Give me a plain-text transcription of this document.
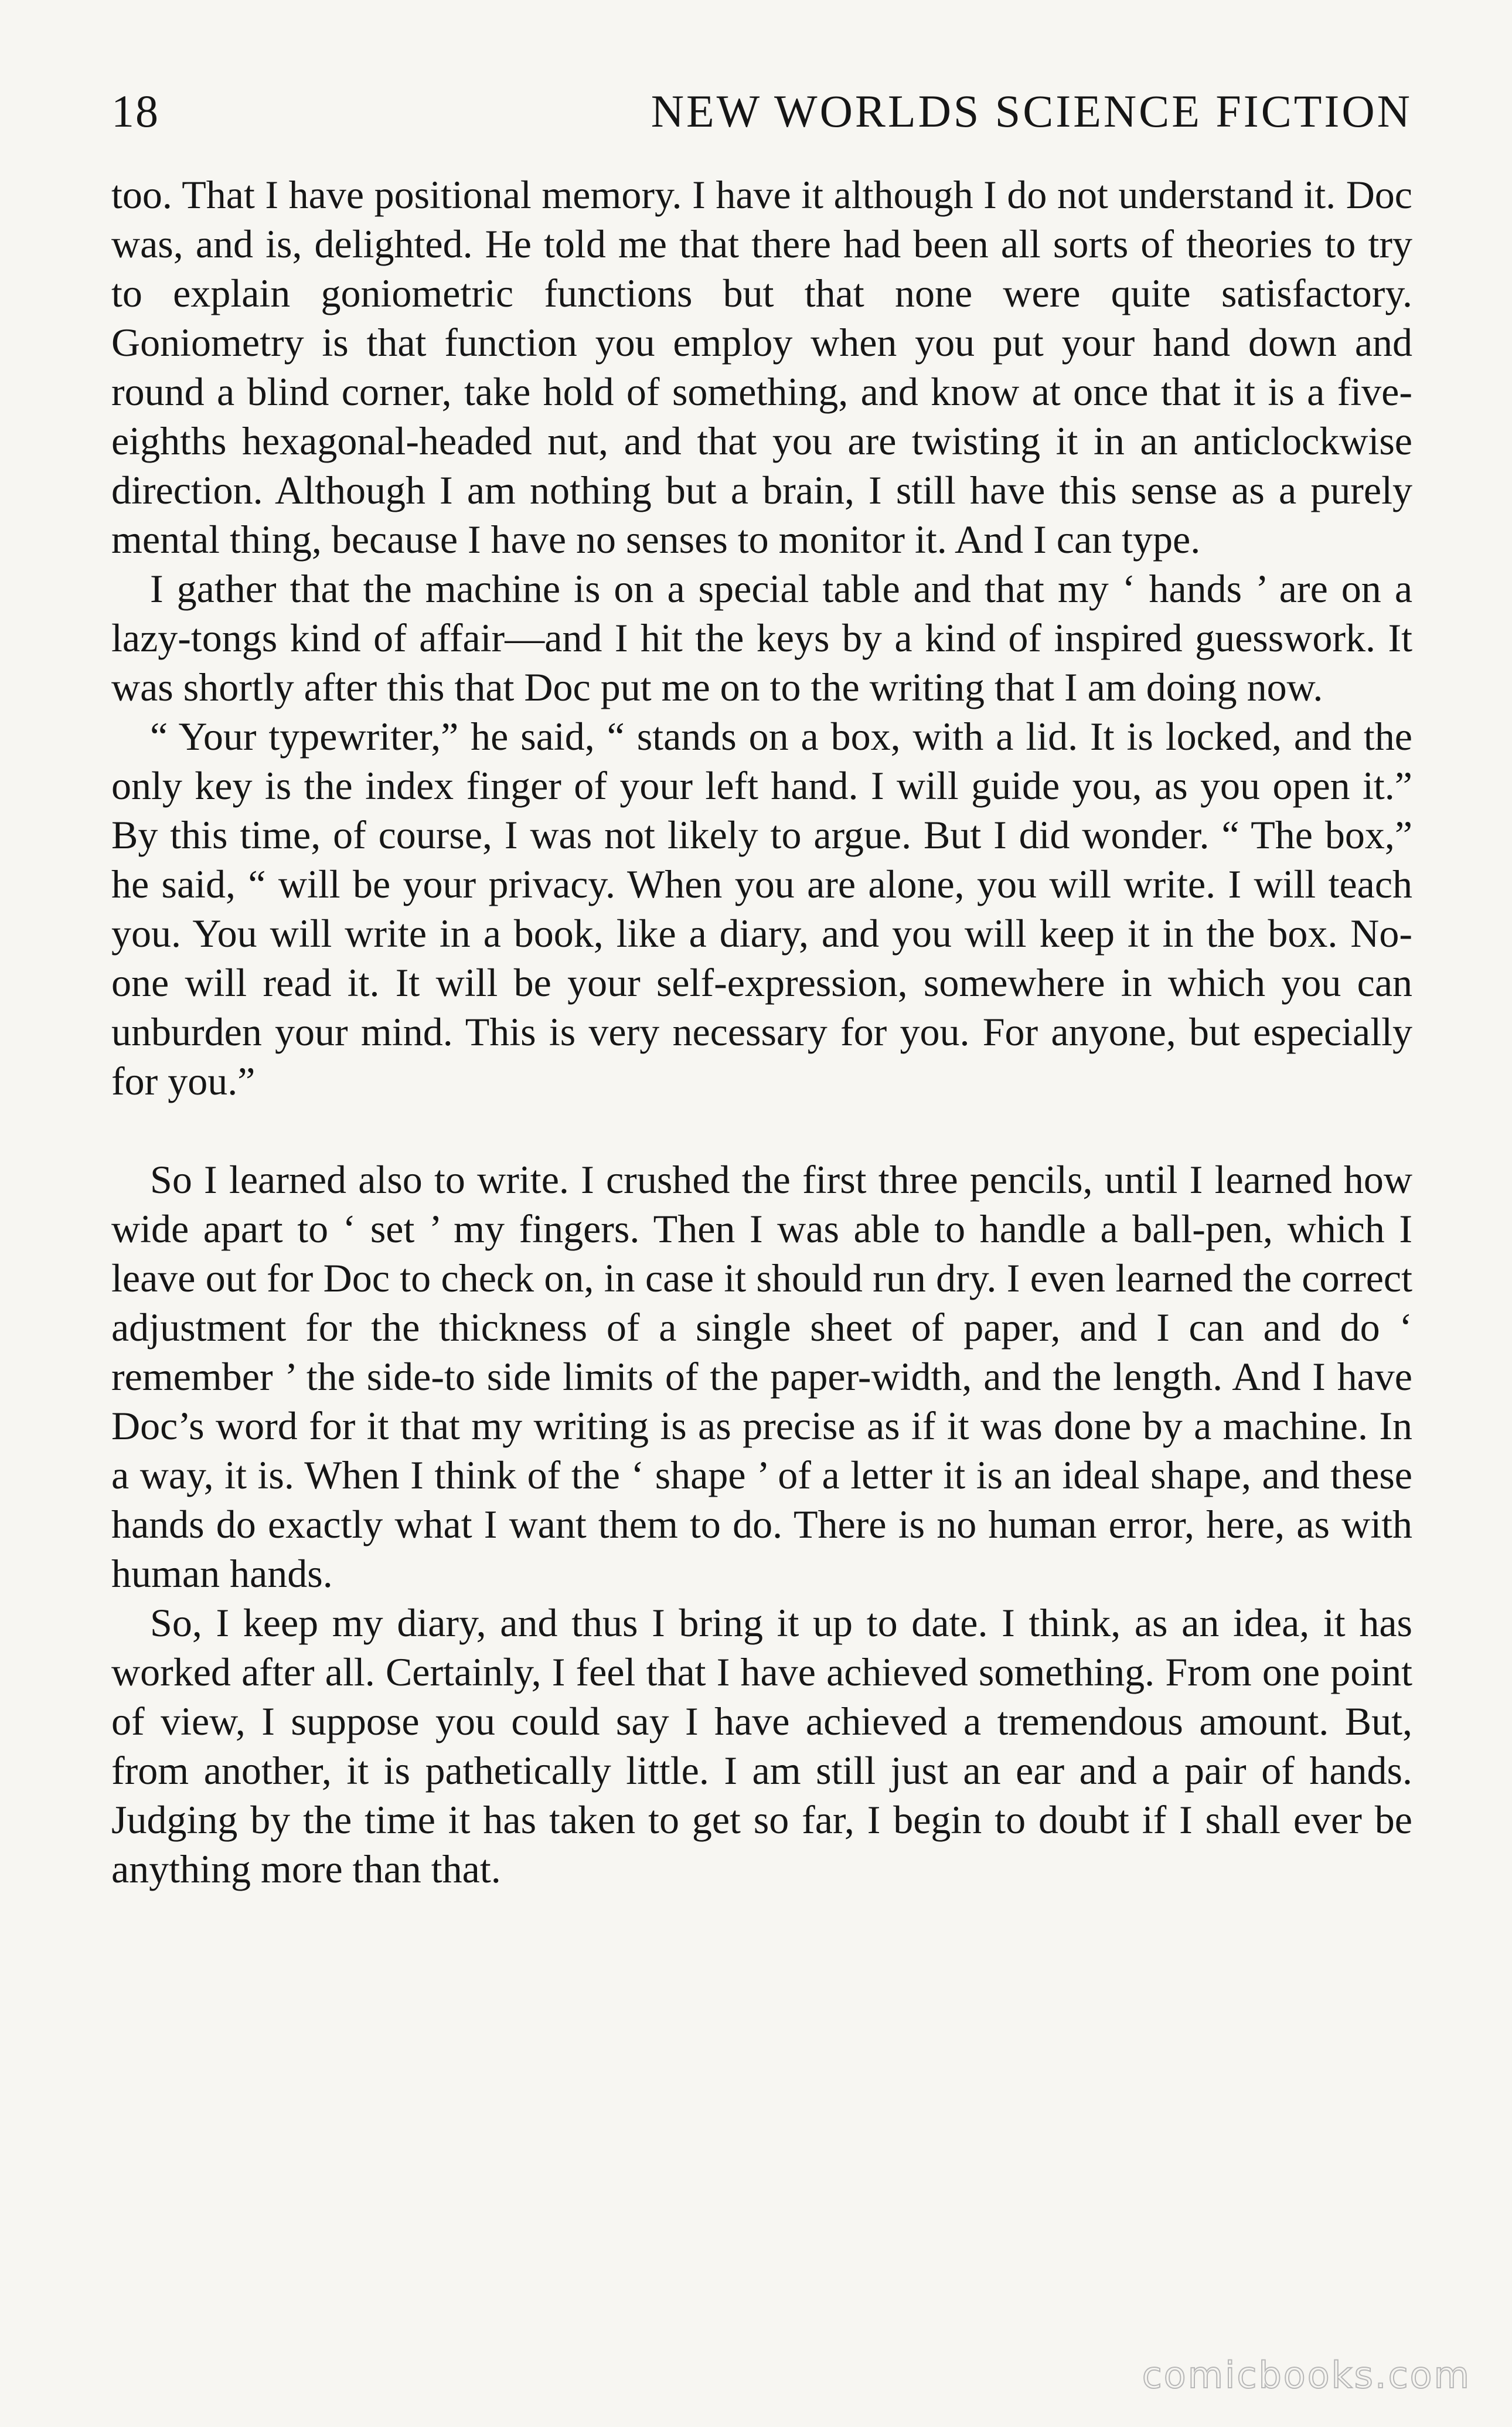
18	NEW WORLDS SCIENCE FICTION

too. That I have positional memory. I have it although I do not understand it. Doc was, and is, delighted. He told me that there had been all sorts of theories to try to explain goniometric functions but that none were quite satisfactory. Goniometry is that function you employ when you put your hand down and round a blind corner, take hold of something, and know at once that it is a five-eighths hexagonal-headed nut, and that you are twisting it in an anticlockwise direction. Although I am nothing but a brain, I still have this sense as a purely mental thing, because I have no senses to monitor it. And I can type.

I gather that the machine is on a special table and that my ‘ hands ’ are on a lazy-tongs kind of affair—and I hit the keys by a kind of inspired guesswork. It was shortly after this that Doc put me on to the writing that I am doing now.

“ Your typewriter,” he said, “ stands on a box, with a lid. It is locked, and the only key is the index finger of your left hand. I will guide you, as you open it.” By this time, of course, I was not likely to argue. But I did wonder. “ The box,” he said, “ will be your privacy. When you are alone, you will write. I will teach you. You will write in a book, like a diary, and you will keep it in the box. No-one will read it. It will be your self-expression, somewhere in which you can unburden your mind. This is very necessary for you. For anyone, but especially for you.”

So I learned also to write. I crushed the first three pencils, until I learned how wide apart to ‘ set ’ my fingers. Then I was able to handle a ball-pen, which I leave out for Doc to check on, in case it should run dry. I even learned the correct adjustment for the thickness of a single sheet of paper, and I can and do ‘ remember ’ the side-to side limits of the paper-width, and the length. And I have Doc’s word for it that my writing is as precise as if it was done by a machine. In a way, it is. When I think of the ‘ shape ’ of a letter it is an ideal shape, and these hands do exactly what I want them to do. There is no human error, here, as with human hands.

So, I keep my diary, and thus I bring it up to date. I think, as an idea, it has worked after all. Certainly, I feel that I have achieved something. From one point of view, I suppose you could say I have achieved a tremendous amount. But, from another, it is pathetically little. I am still just an ear and a pair of hands. Judging by the time it has taken to get so far, I begin to doubt if I shall ever be anything more than that.

comicbooks.com
